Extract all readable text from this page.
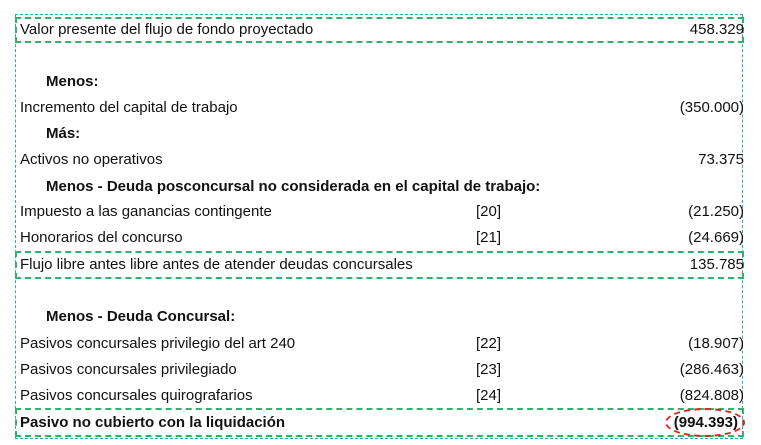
Valor presente del flujo de fondo proyectado	458.329
Menos:
Incremento del capital de trabajo	(350.000)
Más:
Activos no operativos	73.375
Menos - Deuda posconcursal no considerada en el capital de trabajo:
Impuesto a las ganancias contingente	[20]	(21.250)
Honorarios del concurso	[21]	(24.669)
Flujo libre antes libre antes de atender deudas concursales	135.785
Menos - Deuda Concursal:
Pasivos concursales privilegio del art 240	[22]	(18.907)
Pasivos concursales privilegiado	[23]	(286.463)
Pasivos concursales quirografarios	[24]	(824.808)
Pasivo no cubierto con la liquidación	(994.393)
